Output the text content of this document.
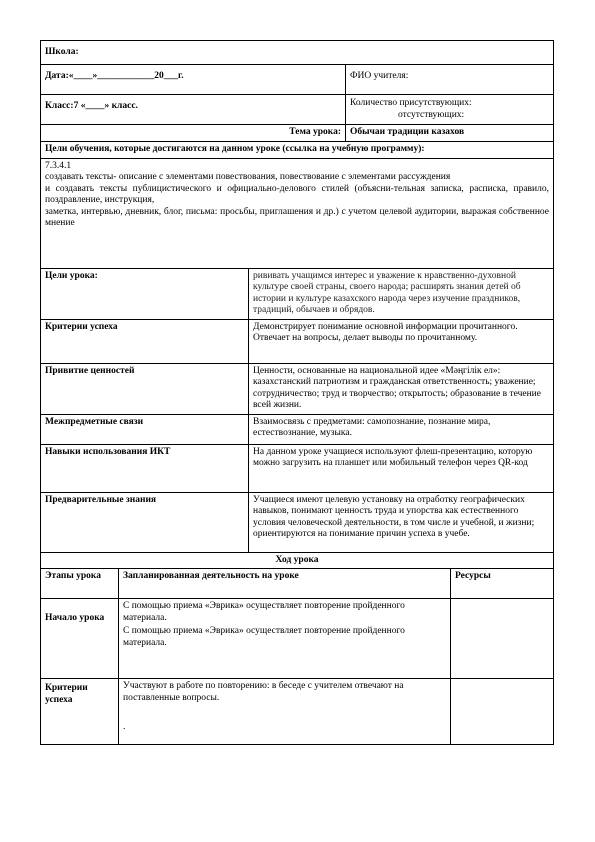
Школа:				
Дата:«____»____________20___г.			ФИО учителя:	
Класс:7 «____» класс.			Количество присутствующих:
отсутствующих:	

Тема урока:			Обычаи традиции казахов	
Цели обучения, которые достигаются на данном уроке (ссылка на учебную программу):				

7.3.4.1
создавать тексты- описание с элементами повествования, повествование с элементами рассуждения
и создавать тексты публицистического и официально-делового стилей (объясни-тельная записка, расписка, правило, поздравление, инструкция,
заметка, интервью, дневник, блог, письма: просьбы, приглашения и др.) с учетом целевой аудитории, выражая собственное мнение				

Цели урока:		рививать учащимся интерес и уважение к нравственно-духовной культуре своей страны, своего народа; расширять знания детей об истории и культуре казахского народа через изучение праздников, традиций, обычаев и обрядов.		
Критерии успеха		Демонстрирует понимание основной информации прочитанного.
Отвечает на вопросы, делает выводы по прочитанному.		

Привитие ценностей		Ценности, основанные на национальной идее «Мәңгілік ел»: казахстанский патриотизм и гражданская ответственность; уважение; сотрудничество; труд и творчество; открытость; образование в течение всей жизни.		
Межпредметные связи		Взаимосвязь с предметами: самопознание, познание мира, естествознание, музыка.		
Навыки использования ИКТ		На данном уроке учащиеся используют флеш-презентацию, которую можно загрузить на планшет или мобильный телефон через QR-код		
Предварительные знания		Учащиеся имеют целевую установку на отработку географических навыков, понимают ценность труда и упорства как естественного условия человеческой деятельности, в том числе и учебной, и жизни; ориентируются на понимание причин успеха в учебе.		
Ход урока				
Этапы урока	Запланированная деятельность на уроке			Ресурсы
Начало урока	С помощью приема «Эврика» осуществляет повторение пройденного материала.
С помощью приема «Эврика» осуществляет повторение пройденного материала.			

Критерии успеха	Участвуют в работе по повторению: в беседе с учителем отвечают на поставленные вопросы.
.			
